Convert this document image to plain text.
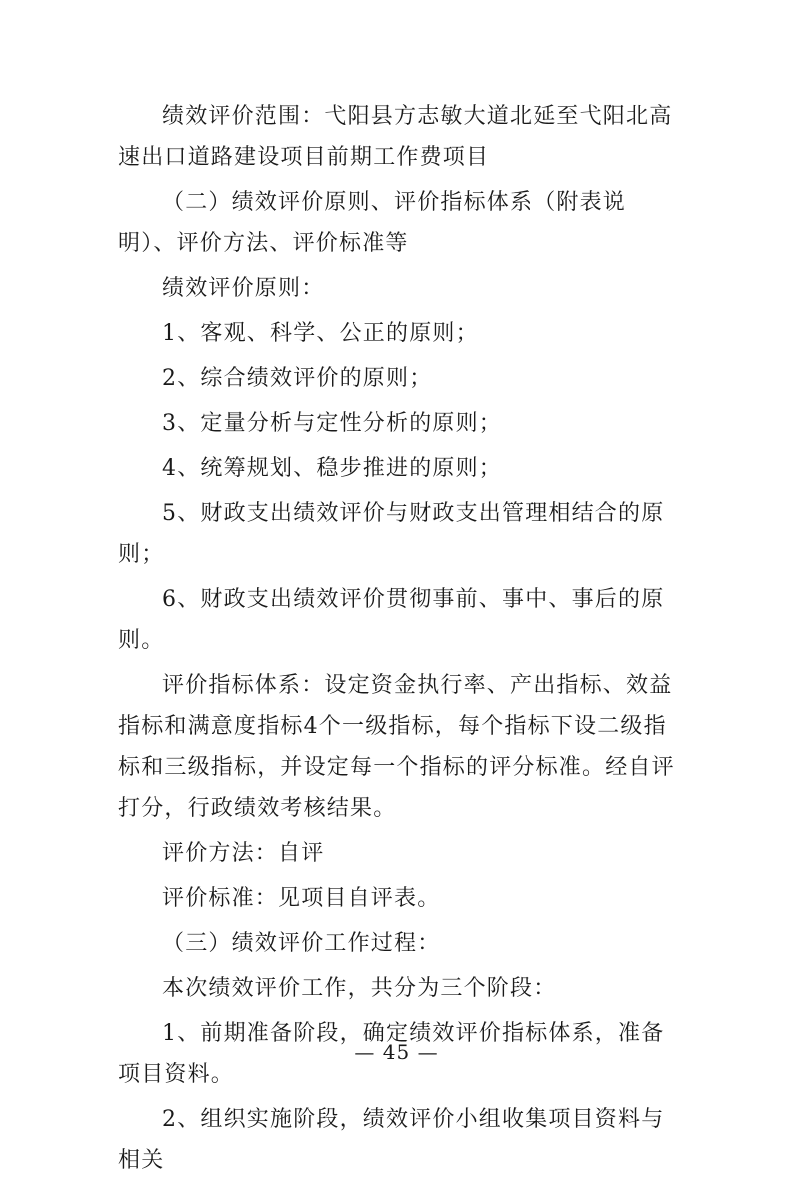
绩效评价范围：弋阳县方志敏大道北延至弋阳北高速出口道路建设项目前期工作费项目

（二）绩效评价原则、评价指标体系（附表说明）、评价方法、评价标准等

绩效评价原则：

1、客观、科学、公正的原则；

2、综合绩效评价的原则；

3、定量分析与定性分析的原则；

4、统筹规划、稳步推进的原则；

5、财政支出绩效评价与财政支出管理相结合的原则；

6、财政支出绩效评价贯彻事前、事中、事后的原则。

评价指标体系：设定资金执行率、产出指标、效益指标和满意度指标4个一级指标，每个指标下设二级指标和三级指标，并设定每一个指标的评分标准。经自评打分，行政绩效考核结果。

评价方法：自评

评价标准：见项目自评表。

（三）绩效评价工作过程：

本次绩效评价工作，共分为三个阶段：

1、前期准备阶段，确定绩效评价指标体系，准备项目资料。

2、组织实施阶段，绩效评价小组收集项目资料与相关

— 45 —
